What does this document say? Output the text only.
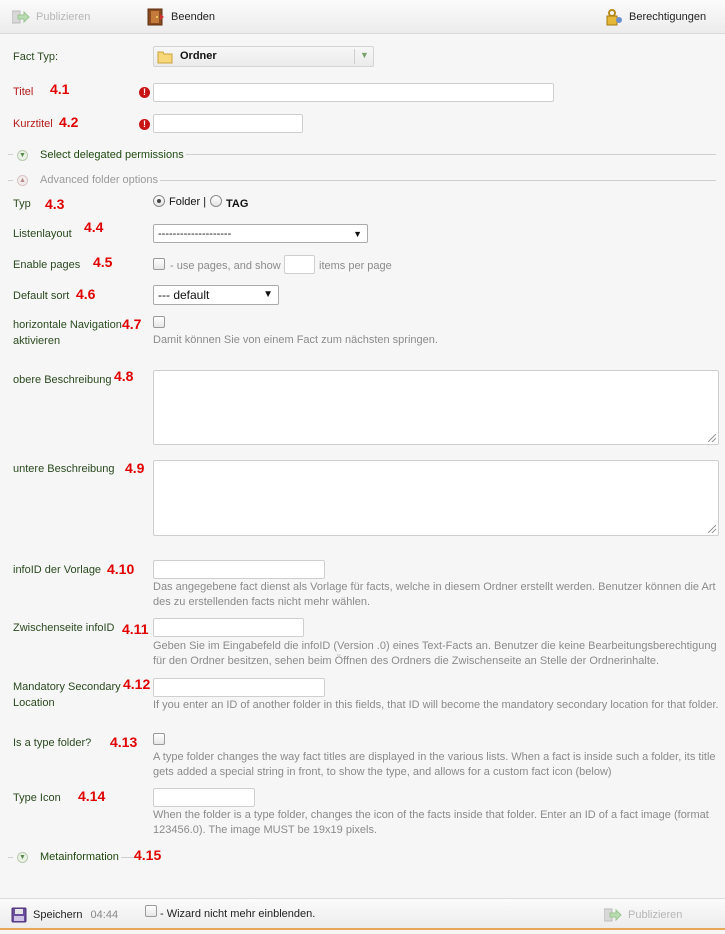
Publizieren	Beenden	Berechtigungen
Fact Typ:	Ordner	▼
Titel 4.1	!
Kurztitel 4.2	!
▼ Select delegated permissions
▲ Advanced folder options
Typ 4.3	Folder | TAG
Listenlayout 4.4	--------------------	▼
Enable pages 4.5	- use pages, and show	items per page
Default sort 4.6	--- default	▼
horizontale Navigation
aktivieren
4.7
Damit können Sie von einem Fact zum nächsten springen.
obere Beschreibung 4.8
untere Beschreibung 4.9
infoID der Vorlage 4.10
Das angegebene fact dienst als Vorlage für facts, welche in diesem Ordner erstellt werden. Benutzer können die Art
des zu erstellenden facts nicht mehr wählen.
Zwischenseite infoID 4.11
Geben Sie im Eingabefeld die infoID (Version .0) eines Text-Facts an. Benutzer die keine Bearbeitungsberechtigung
für den Ordner besitzen, sehen beim Öffnen des Ordners die Zwischenseite an Stelle der Ordnerinhalte.
Mandatory Secondary
Location
4.12
If you enter an ID of another folder in this fields, that ID will become the mandatory secondary location for that folder.
Is a type folder? 4.13
A type folder changes the way fact titles are displayed in the various lists. When a fact is inside such a folder, its title
gets added a special string in front, to show the type, and allows for a custom fact icon (below)
Type Icon 4.14
When the folder is a type folder, changes the icon of the facts inside that folder. Enter an ID of a fact image (format
123456.0). The image MUST be 19x19 pixels.
▼ Metainformation 4.15
Speichern 04:44	- Wizard nicht mehr einblenden.	Publizieren
